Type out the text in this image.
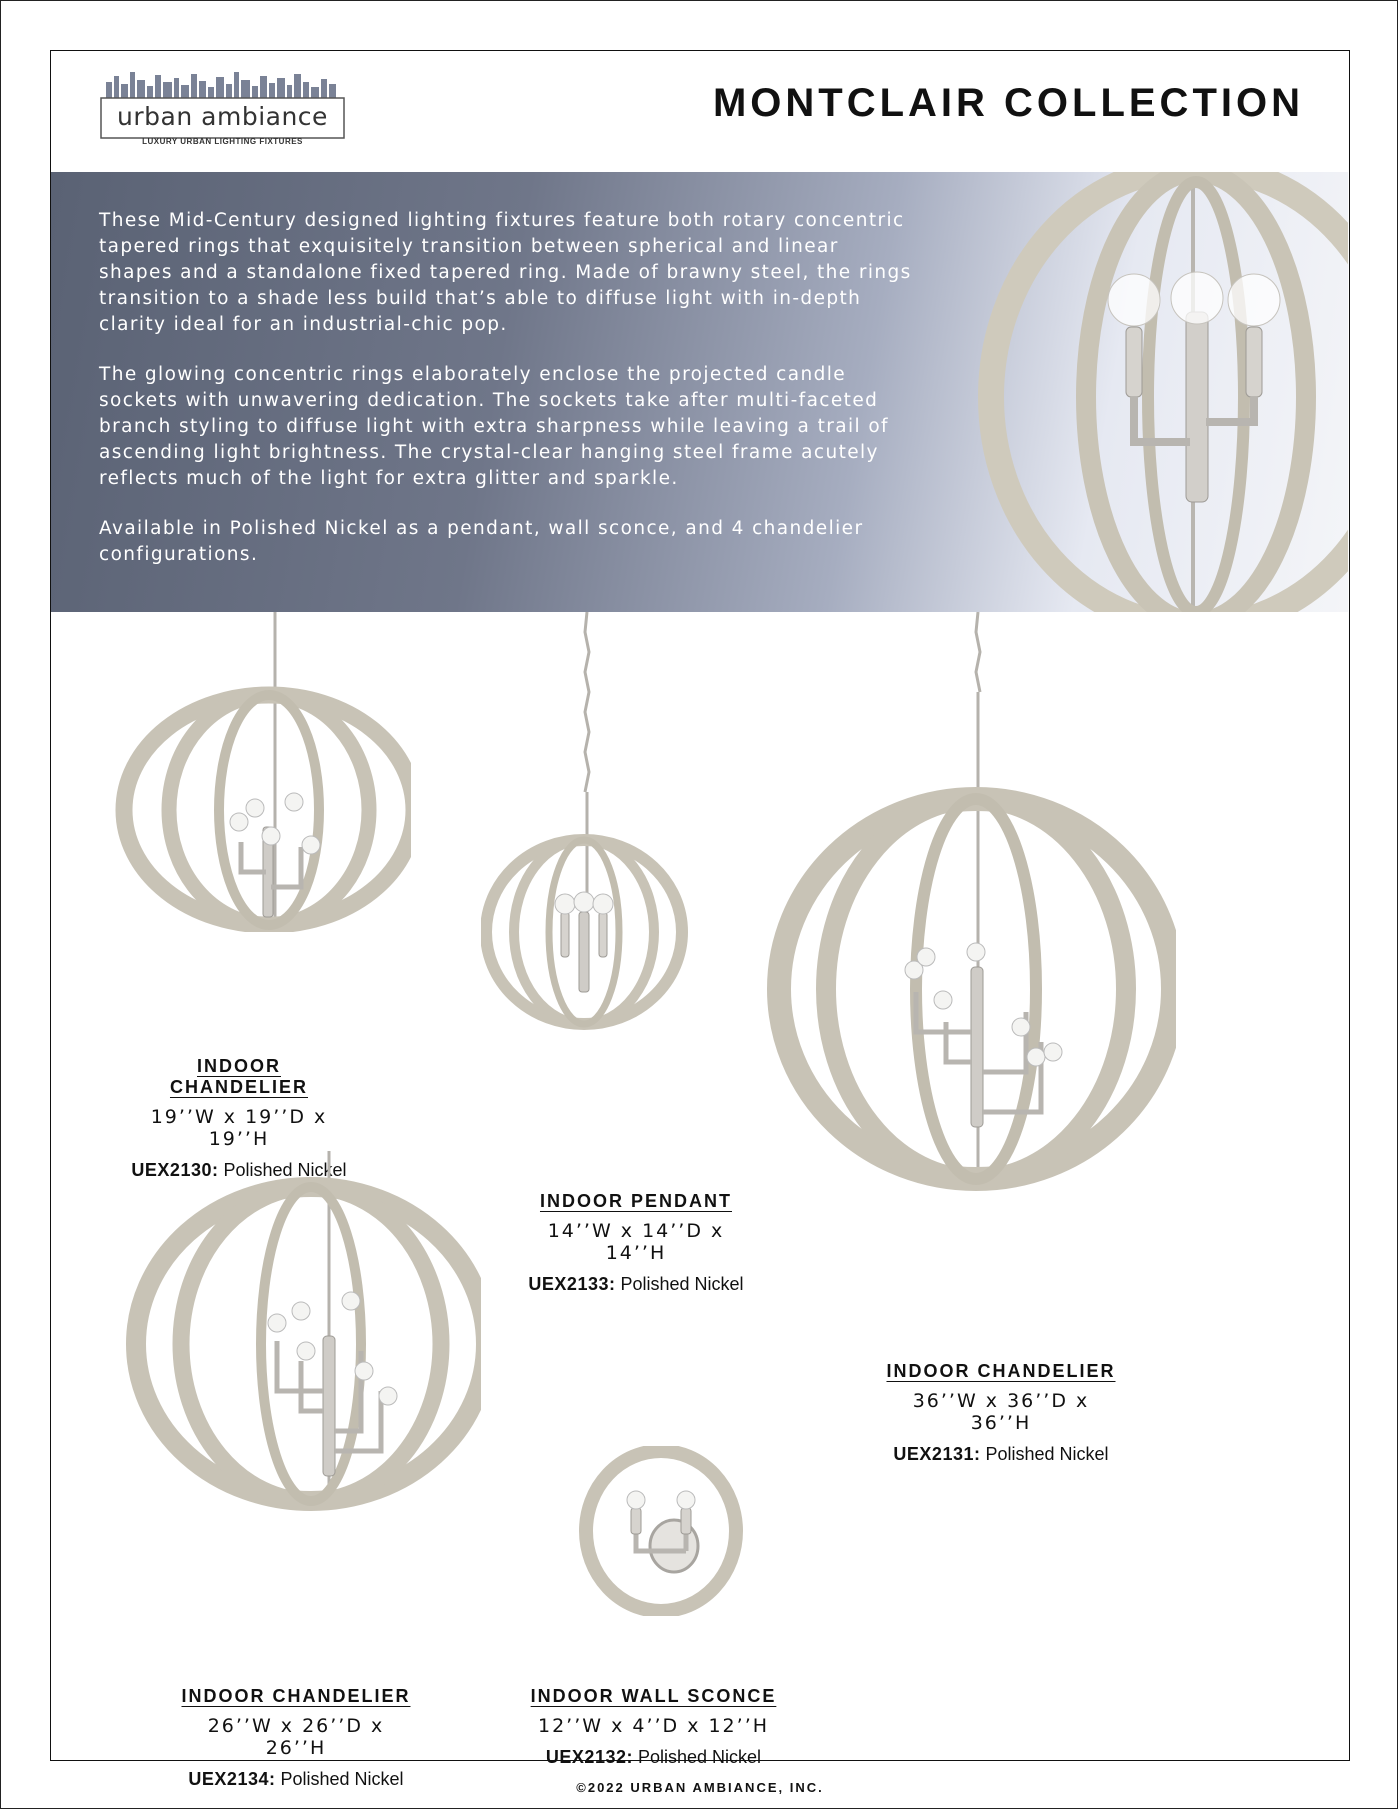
urban ambiance
LUXURY URBAN LIGHTING FIXTURES
MONTCLAIR COLLECTION

These Mid-Century designed lighting fixtures feature both rotary concentric tapered rings that exquisitely transition between spherical and linear shapes and a standalone fixed tapered ring. Made of brawny steel, the rings transition to a shade less build that’s able to diffuse light with in-depth clarity ideal for an industrial-chic pop.

The glowing concentric rings elaborately enclose the projected candle sockets with unwavering dedication. The sockets take after multi-faceted branch styling to diffuse light with extra sharpness while leaving a trail of ascending light brightness. The crystal-clear hanging steel frame acutely reflects much of the light for extra glitter and sparkle.

Available in Polished Nickel as a pendant, wall sconce, and 4 chandelier configurations.

INDOOR CHANDELIER
19’’W x 19’’D x 19’’H
UEX2130: Polished Nickel
INDOOR PENDANT
14’’W x 14’’D x 14’’H
UEX2133: Polished Nickel
INDOOR CHANDELIER
36’’W x 36’’D x 36’’H
UEX2131: Polished Nickel
INDOOR CHANDELIER
26’’W x 26’’D x 26’’H
UEX2134: Polished Nickel
INDOOR WALL SCONCE
12’’W x 4’’D x 12’’H
UEX2132: Polished Nickel
©2022 URBAN AMBIANCE, INC.
